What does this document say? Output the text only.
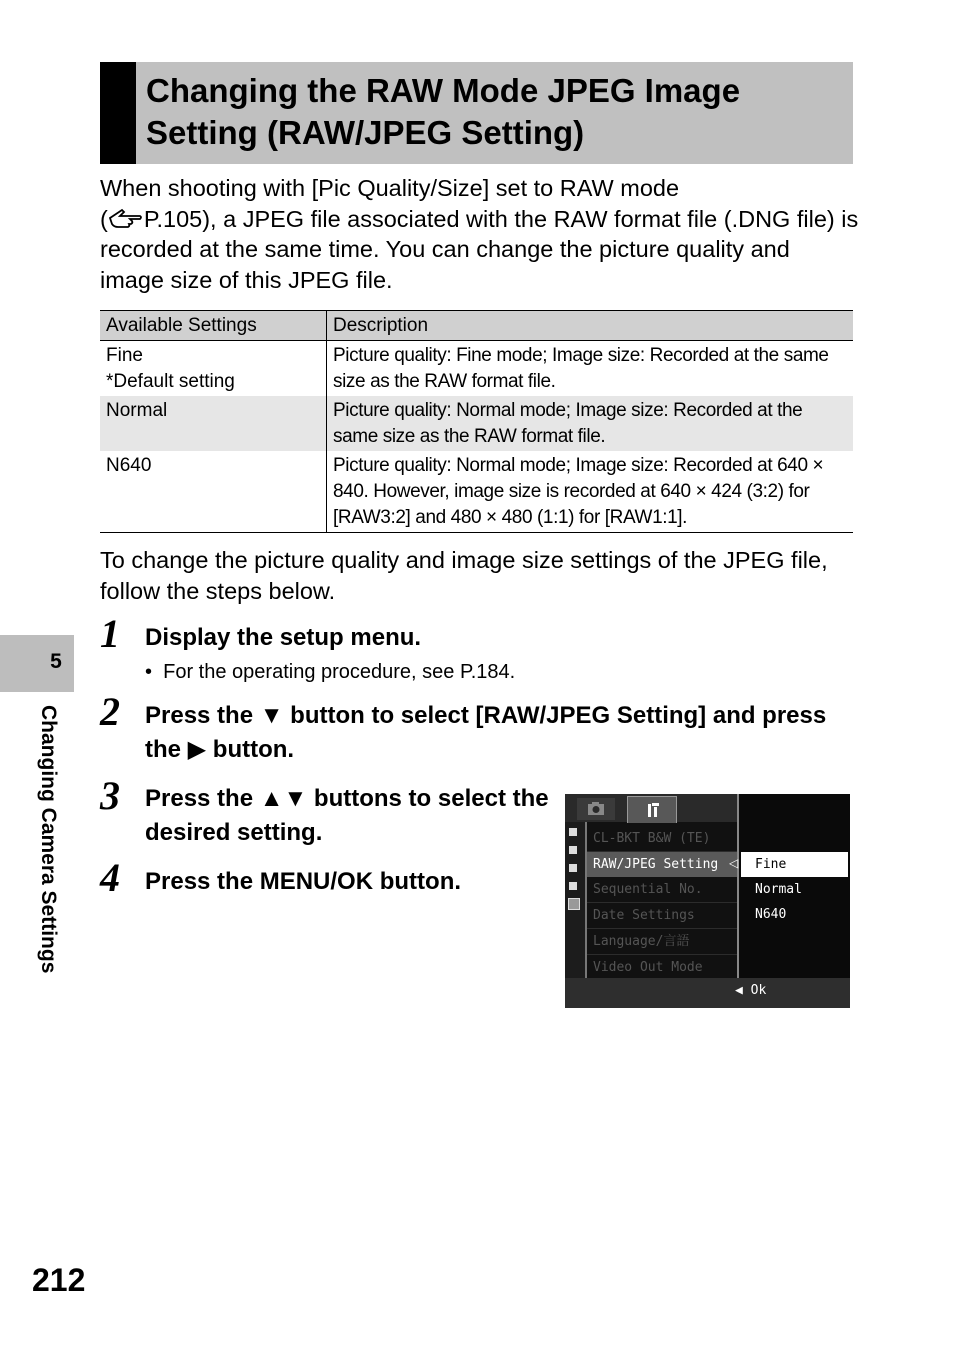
Changing the RAW Mode JPEG Image
Setting (RAW/JPEG Setting)
When shooting with [Pic Quality/Size] set to RAW mode
( P.105), a JPEG file associated with the RAW format file (.DNG file) is recorded at the same time. You can change the picture quality and image size of this JPEG file.
Available Settings	Description

Fine
*Default setting	Picture quality: Fine mode; Image size: Recorded at the same size as the RAW format file.

Normal	Picture quality: Normal mode; Image size: Recorded at the same size as the RAW format file.

N640	Picture quality: Normal mode; Image size: Recorded at 640 × 840. However, image size is recorded at 640 × 424 (3:2) for [RAW3:2] and 480 × 480 (1:1) for [RAW1:1].
To change the picture quality and image size settings of the JPEG file, follow the steps below.
1 Display the setup menu.
•  For the operating procedure, see P.184.
2 Press the ▼ button to select [RAW/JPEG Setting] and press the ▶ button.
3 Press the ▲▼ buttons to select the desired setting.
4 Press the MENU/OK button.
CL-BKT B&W (TE)
RAW/JPEG Setting
Sequential No.
Date Settings
Language/言語
Video Out Mode
◁	Fine
Normal
N640
◀ Ok
5
Changing Camera Settings
212
